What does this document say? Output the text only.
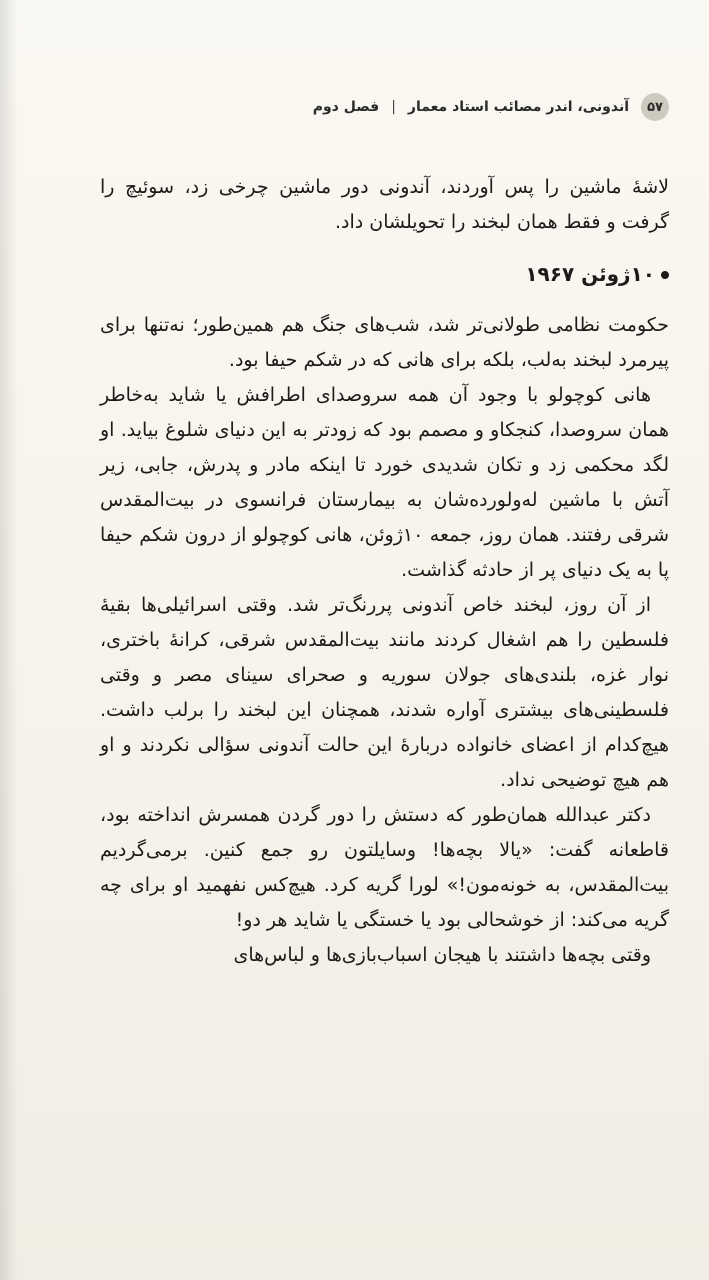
۵۷
آندونی، اندر مصائب استاد معمار
|
فصل دوم

لاشهٔ ماشین را پس آوردند، آندونی دور ماشین چرخی زد، سوئیچ را گرفت و فقط همان لبخند را تحویلشان داد.

۱۰ژوئن ۱۹۶۷

حکومت نظامی طولانی‌تر شد، شب‌های جنگ هم همین‌طور؛ نه‌تنها برای پیرمرد لبخند به‌لب، بلکه برای هانی که در شکم حیفا بود.

هانی کوچولو با وجود آن همه سروصدای اطرافش یا شاید به‌خاطر همان سروصدا، کنجکاو و مصمم بود که زودتر به این دنیای شلوغ بیاید. او لگد محکمی زد و تکان شدیدی خورد تا اینکه مادر و پدرش، جابی، زیر آتش با ماشین له‌ولورده‌شان به بیمارستان فرانسوی در بیت‌المقدس شرقی رفتند. همان روز، جمعه ۱۰ژوئن، هانی کوچولو از درون شکم حیفا پا به یک دنیای پر از حادثه گذاشت.

از آن روز، لبخند خاص آندونی پررنگ‌تر شد. وقتی اسرائیلی‌ها بقیهٔ فلسطین را هم اشغال کردند مانند بیت‌المقدس شرقی، کرانهٔ باختری، نوار غزه، بلندی‌های جولان سوریه و صحرای سینای مصر و وقتی فلسطینی‌های بیشتری آواره شدند، همچنان این لبخند را برلب داشت. هیچ‌کدام از اعضای خانواده دربارهٔ این حالت آندونی سؤالی نکردند و او هم هیچ توضیحی نداد.

دکتر عبدالله همان‌طور که دستش را دور گردن همسرش انداخته بود، قاطعانه گفت: «یالا بچه‌ها! وسایلتون رو جمع کنین. برمی‌گردیم بیت‌المقدس، به خونه‌مون!» لورا گریه کرد. هیچ‌کس نفهمید او برای چه گریه می‌کند: از خوشحالی بود یا خستگی یا شاید هر دو!

وقتی بچه‌ها داشتند با هیجان اسباب‌بازی‌ها و لباس‌های
